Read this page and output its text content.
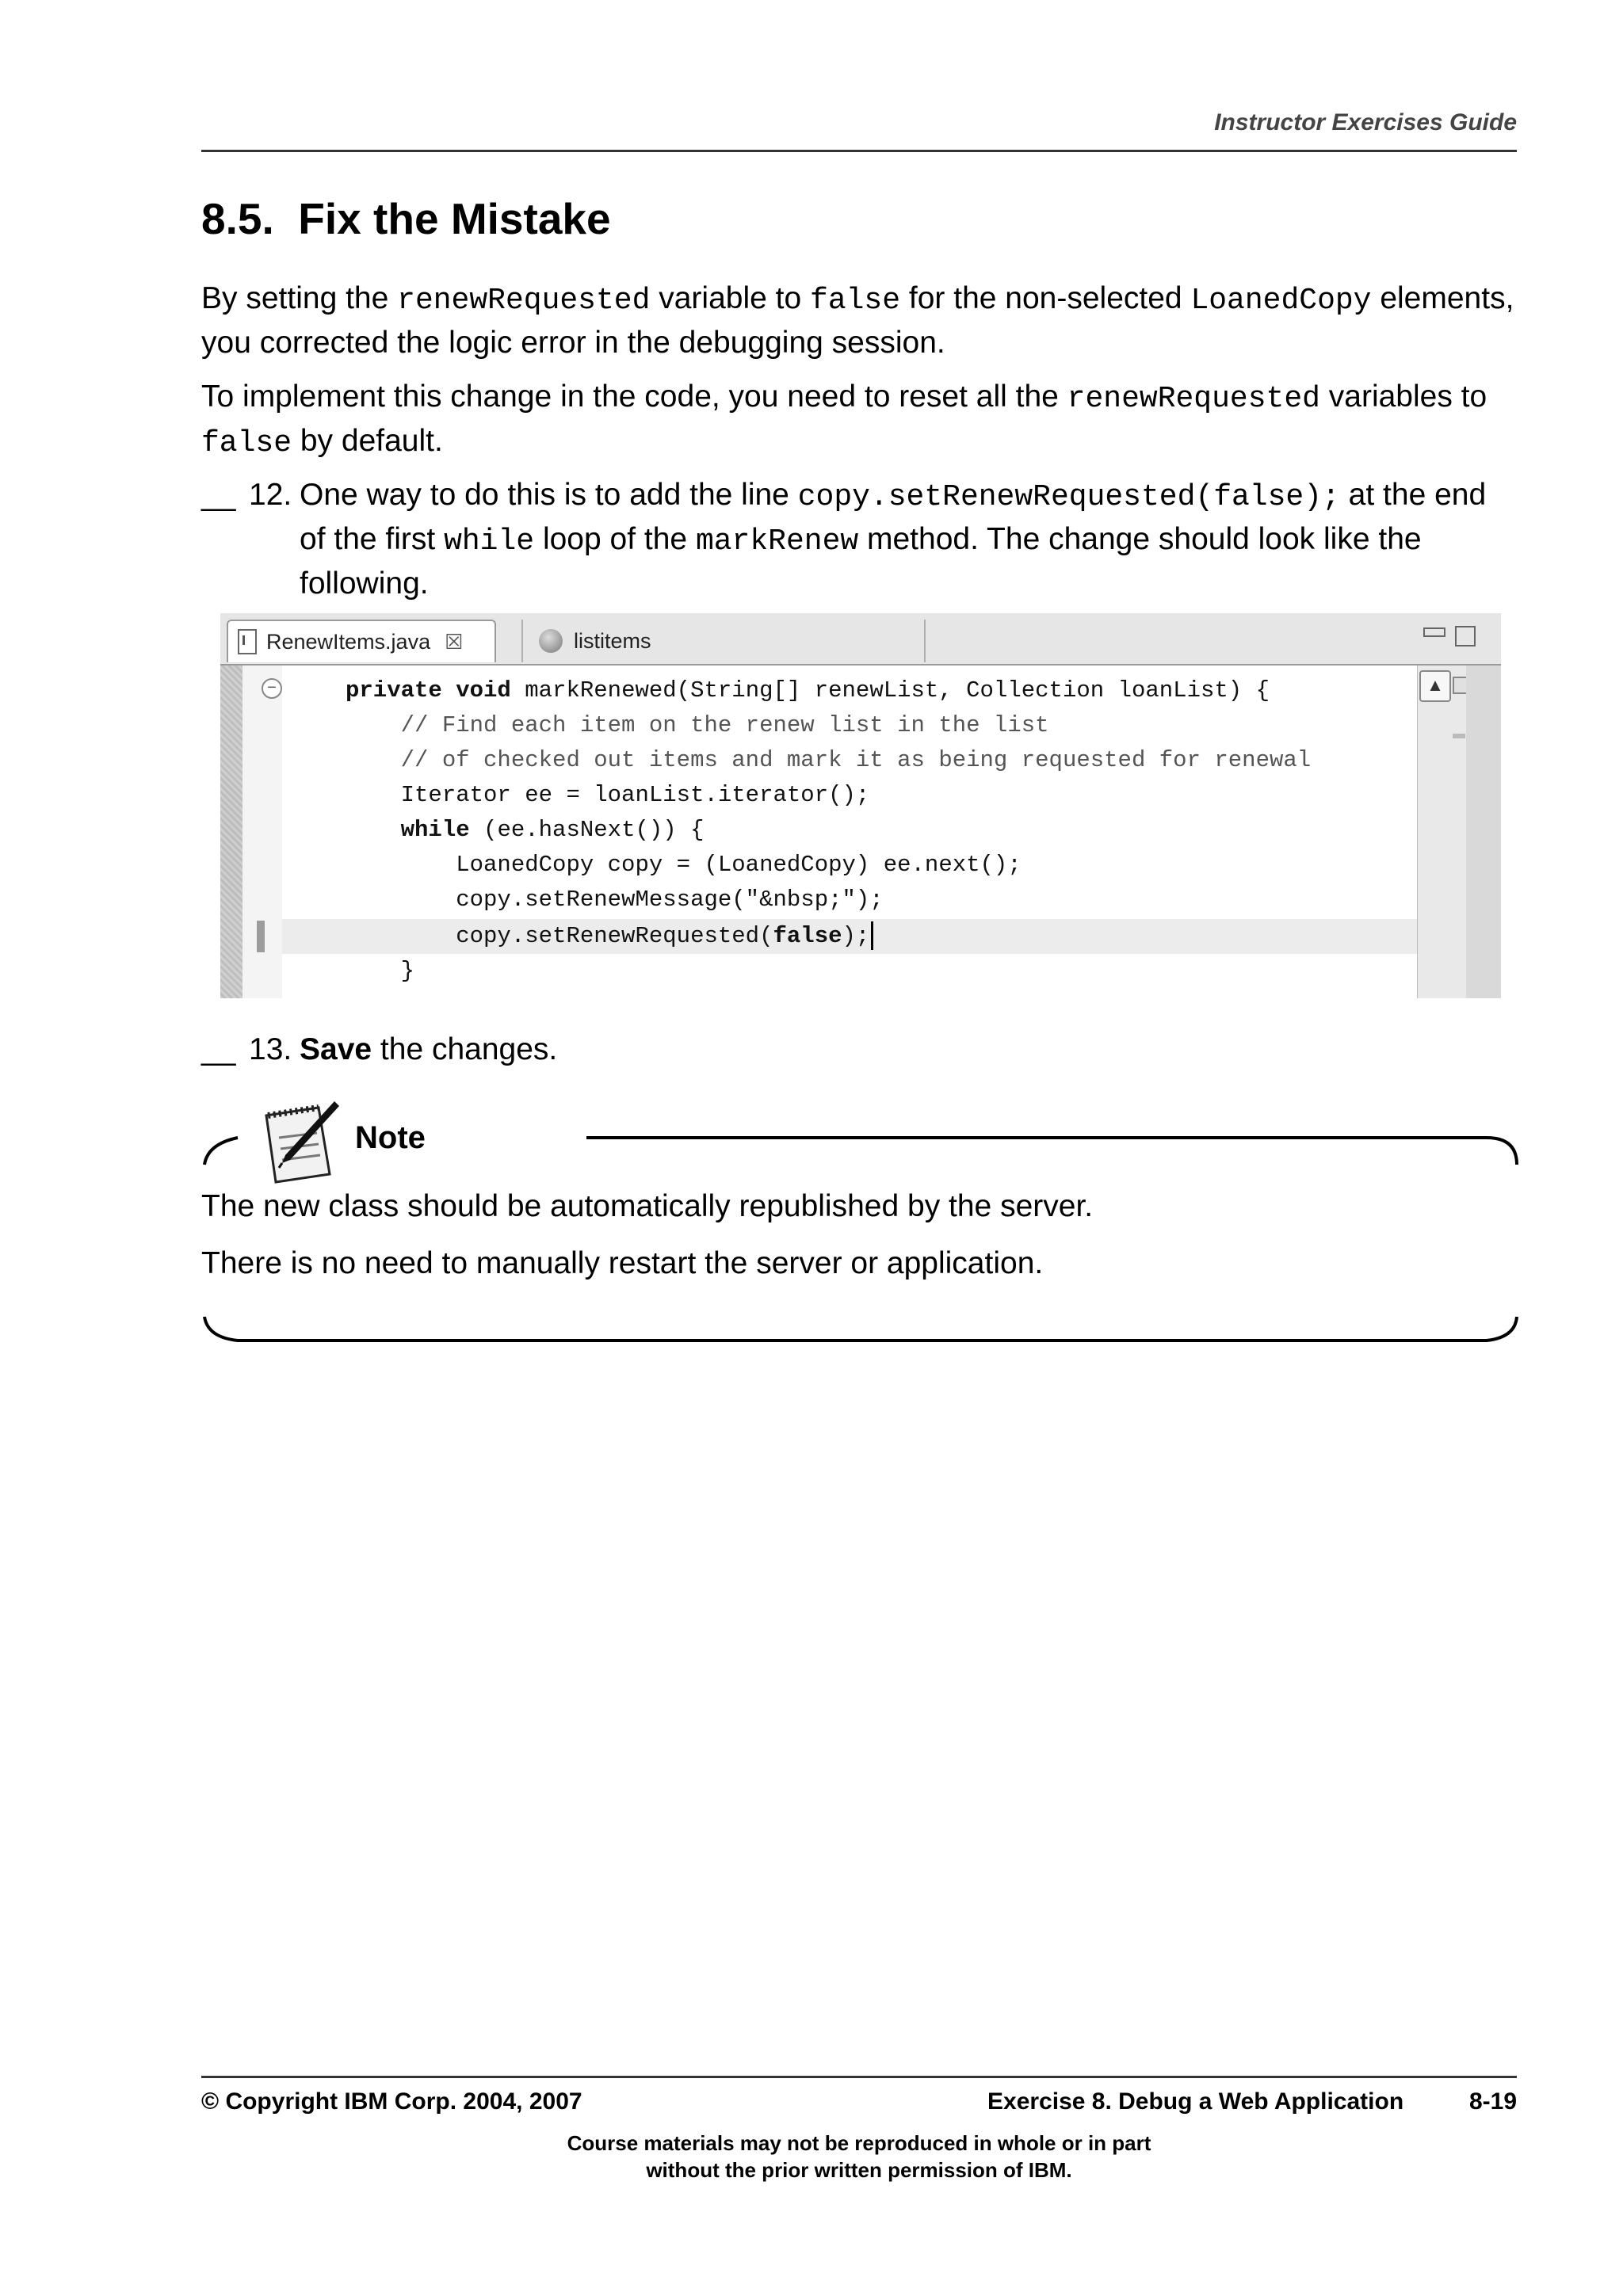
Instructor Exercises Guide
8.5.  Fix the Mistake
By setting the renewRequested variable to false for the non-selected LoanedCopy elements, you corrected the logic error in the debugging session.
To implement this change in the code, you need to reset all the renewRequested variables to false by default.
__ 12. One way to do this is to add the line copy.setRenewRequested(false); at the end of the first while loop of the markRenew method. The change should look like the following.
RenewItems.java ☒	listitems
−	private void markRenewed(String[] renewList, Collection loanList) {
// Find each item on the renew list in the list
// of checked out items and mark it as being requested for renewal
Iterator ee = loanList.iterator();
while (ee.hasNext()) {
LoanedCopy copy = (LoanedCopy) ee.next();
copy.setRenewMessage("&nbsp;");
copy.setRenewRequested(false);
}
▲
__ 13. Save the changes.
Note
The new class should be automatically republished by the server.
There is no need to manually restart the server or application.
© Copyright IBM Corp. 2004, 2007	Exercise 8. Debug a Web Application	8-19
Course materials may not be reproduced in whole or in part
without the prior written permission of IBM.
